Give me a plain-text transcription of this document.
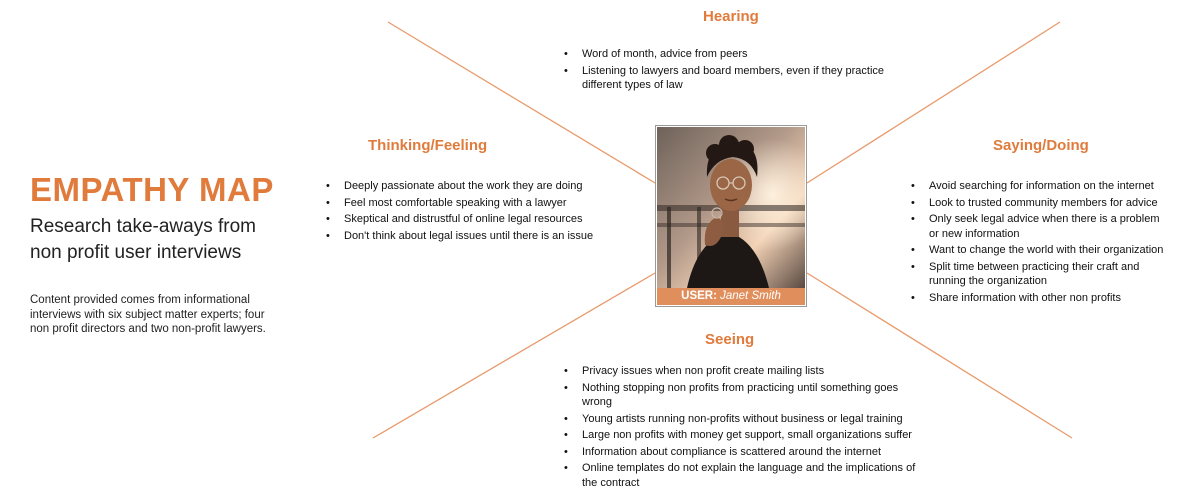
EMPATHY MAP
Research take-aways from non profit user interviews
Content provided comes from informational interviews with six subject matter experts; four non profit directors and two non-profit lawyers.
Hearing
• Word of month, advice from peers
• Listening to lawyers and board members, even if they practice different types of law
Thinking/Feeling
• Deeply passionate about the work they are doing
• Feel most comfortable speaking with a lawyer
• Skeptical and distrustful of online legal resources
• Don't think about legal issues until there is an issue
Saying/Doing
• Avoid searching for information on the internet
• Look to trusted community members for advice
• Only seek legal advice when there is a problem or new information
• Want to change the world with their organization
• Split time between practicing their craft and running the organization
• Share information with other non profits
Seeing
• Privacy issues when non profit create mailing lists
• Nothing stopping non profits from practicing until something goes wrong
• Young artists running non-profits without business or legal training
• Large non profits with money get support, small organizations suffer
• Information about compliance is scattered around the internet
• Online templates do not explain the language and the implications of the contract
USER: Janet Smith
